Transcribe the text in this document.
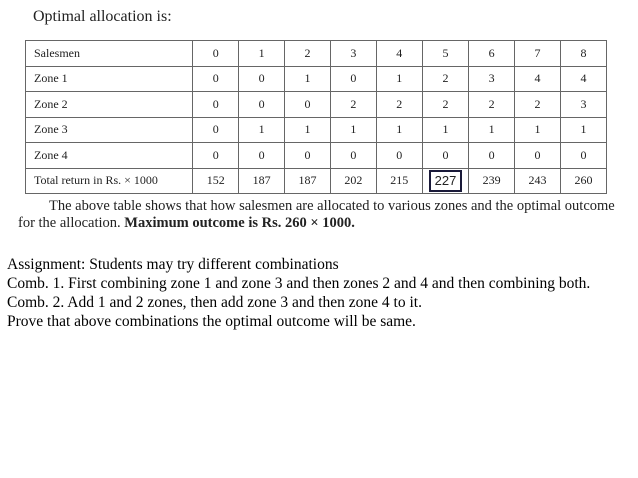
Optimal allocation is:
Salesmen	0	1	2	3	4	5	6	7	8
Zone 1	0	0	1	0	1	2	3	4	4
Zone 2	0	0	0	2	2	2	2	2	3
Zone 3	0	1	1	1	1	1	1	1	1
Zone 4	0	0	0	0	0	0	0	0	0
Total return in Rs. × 1000	152	187	187	202	215	227	239	243	260
The above table shows that how salesmen are allocated to various zones and the optimal outcome
for the allocation. Maximum outcome is Rs. 260 × 1000.
Assignment: Students may try different combinations
Comb. 1. First combining zone 1 and zone 3 and then zones 2 and 4 and then combining both.
Comb. 2. Add 1 and 2 zones, then add zone 3 and then zone 4 to it.
Prove that above combinations the optimal outcome will be same.
